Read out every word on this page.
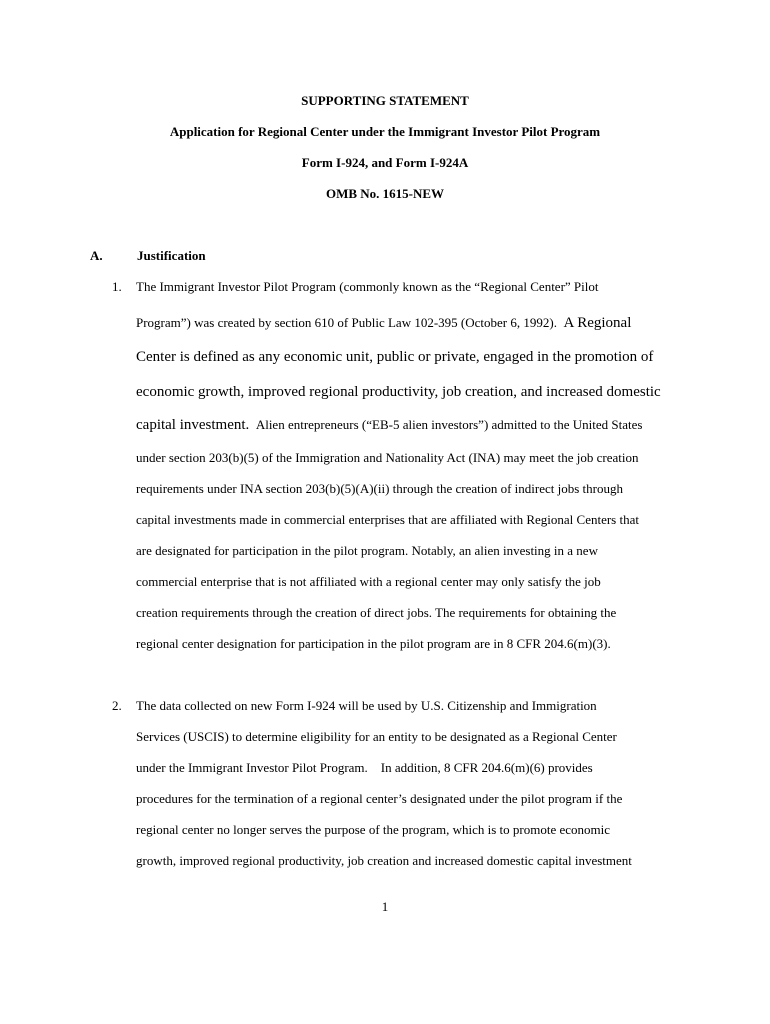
SUPPORTING STATEMENT
Application for Regional Center under the Immigrant Investor Pilot Program
Form I-924, and Form I-924A
OMB No. 1615-NEW
A.	Justification
1. The Immigrant Investor Pilot Program (commonly known as the “Regional Center” Pilot
Program”) was created by section 610 of Public Law 102-395 (October 6, 1992). A Regional
Center is defined as any economic unit, public or private, engaged in the promotion of
economic growth, improved regional productivity, job creation, and increased domestic
capital investment. Alien entrepreneurs (“EB-5 alien investors”) admitted to the United States
under section 203(b)(5) of the Immigration and Nationality Act (INA) may meet the job creation
requirements under INA section 203(b)(5)(A)(ii) through the creation of indirect jobs through
capital investments made in commercial enterprises that are affiliated with Regional Centers that
are designated for participation in the pilot program. Notably, an alien investing in a new
commercial enterprise that is not affiliated with a regional center may only satisfy the job
creation requirements through the creation of direct jobs. The requirements for obtaining the
regional center designation for participation in the pilot program are in 8 CFR 204.6(m)(3).
2. The data collected on new Form I-924 will be used by U.S. Citizenship and Immigration
Services (USCIS) to determine eligibility for an entity to be designated as a Regional Center
under the Immigrant Investor Pilot Program.    In addition, 8 CFR 204.6(m)(6) provides
procedures for the termination of a regional center’s designated under the pilot program if the
regional center no longer serves the purpose of the program, which is to promote economic
growth, improved regional productivity, job creation and increased domestic capital investment
1
